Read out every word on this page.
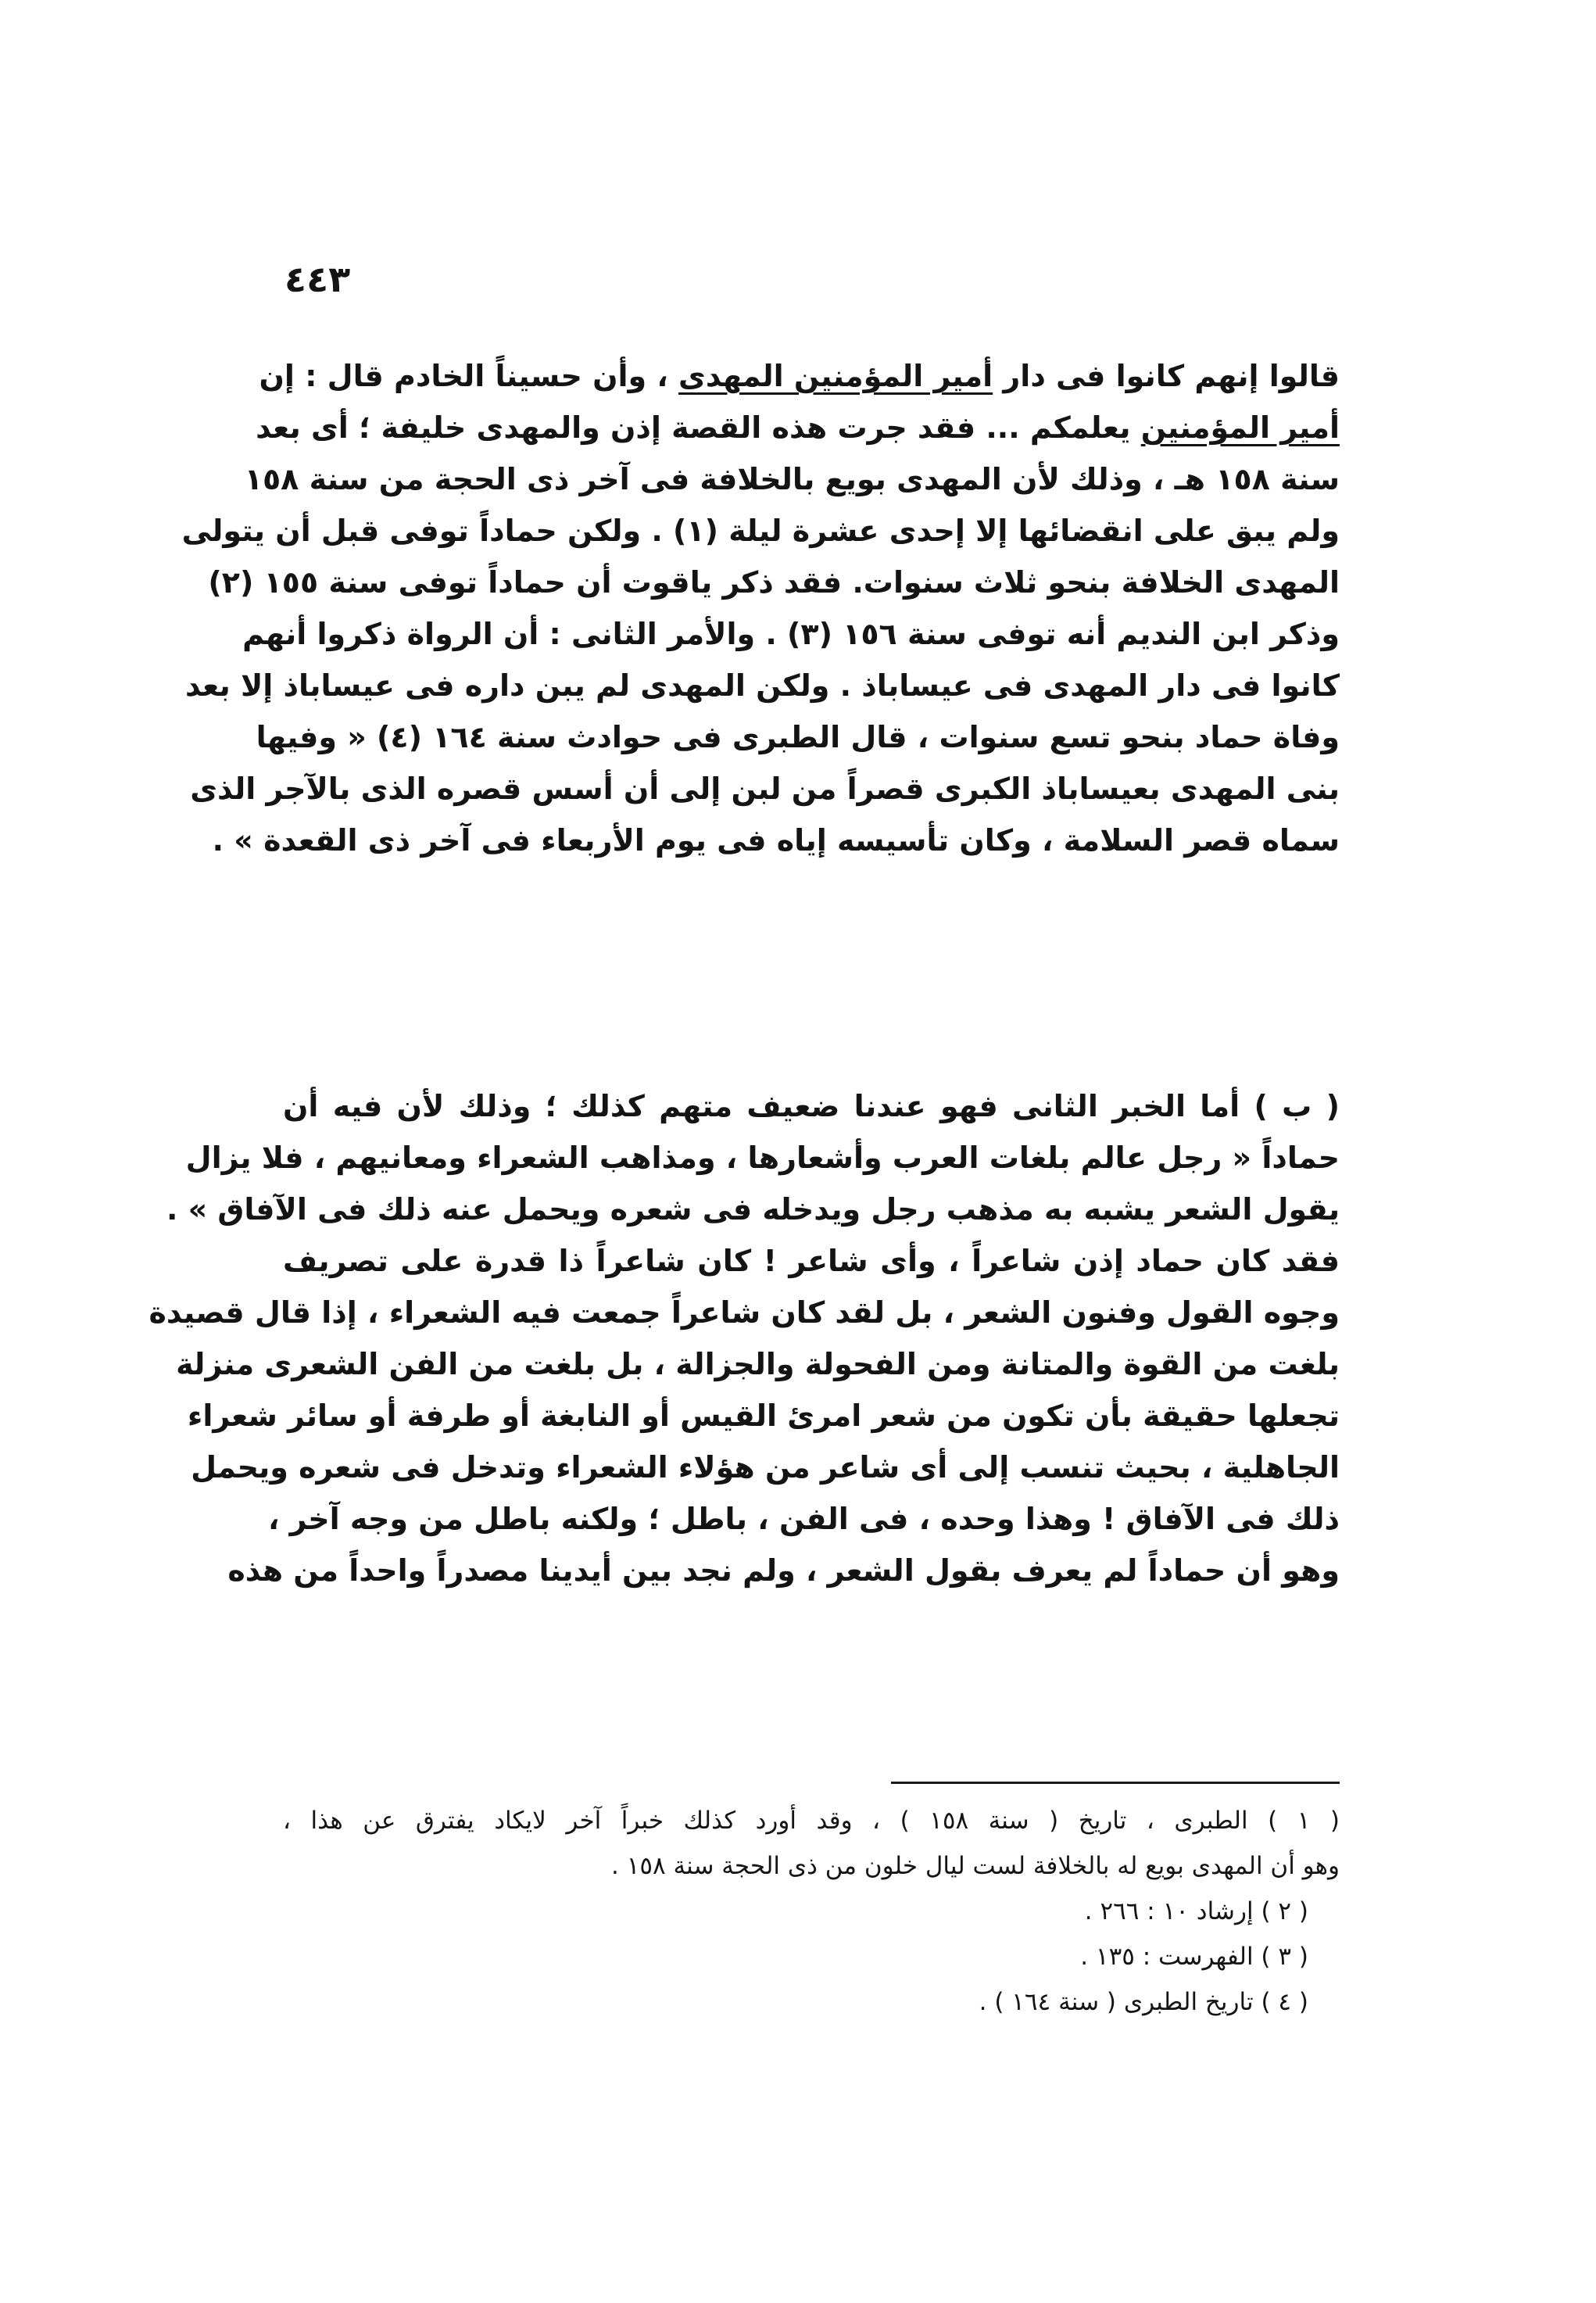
٤٤٣
قالوا إنهم كانوا فى دار أمير المؤمنين المهدى ، وأن حسيناً الخادم قال : إن
أمير المؤمنين يعلمكم ... فقد جرت هذه القصة إذن والمهدى خليفة ؛ أى بعد
سنة ١٥٨ هـ ، وذلك لأن المهدى بويع بالخلافة فى آخر ذى الحجة من سنة ١٥٨
ولم يبق على انقضائها إلا إحدى عشرة ليلة (١) . ولكن حماداً توفى قبل أن يتولى
المهدى الخلافة بنحو ثلاث سنوات. فقد ذكر ياقوت أن حماداً توفى سنة ١٥٥ (٢)
وذكر ابن النديم أنه توفى سنة ١٥٦ (٣) . والأمر الثانى : أن الرواة ذكروا أنهم
كانوا فى دار المهدى فى عيساباذ . ولكن المهدى لم يبن داره فى عيساباذ إلا بعد
وفاة حماد بنحو تسع سنوات ، قال الطبرى فى حوادث سنة ١٦٤ (٤) « وفيها
بنى المهدى بعيساباذ الكبرى قصراً من لبن إلى أن أسس قصره الذى بالآجر الذى
سماه قصر السلامة ، وكان تأسيسه إياه فى يوم الأربعاء فى آخر ذى القعدة » .
( ب ) أما الخبر الثانى فهو عندنا ضعيف متهم كذلك ؛ وذلك لأن فيه أن
حماداً « رجل عالم بلغات العرب وأشعارها ، ومذاهب الشعراء ومعانيهم ، فلا يزال
يقول الشعر يشبه به مذهب رجل ويدخله فى شعره ويحمل عنه ذلك فى الآفاق » .
فقد كان حماد إذن شاعراً ، وأى شاعر ! كان شاعراً ذا قدرة على تصريف
وجوه القول وفنون الشعر ، بل لقد كان شاعراً جمعت فيه الشعراء ، إذا قال قصيدة
بلغت من القوة والمتانة ومن الفحولة والجزالة ، بل بلغت من الفن الشعرى منزلة
تجعلها حقيقة بأن تكون من شعر امرئ القيس أو النابغة أو طرفة أو سائر شعراء
الجاهلية ، بحيث تنسب إلى أى شاعر من هؤلاء الشعراء وتدخل فى شعره ويحمل
ذلك فى الآفاق ! وهذا وحده ، فى الفن ، باطل ؛ ولكنه باطل من وجه آخر ،
وهو أن حماداً لم يعرف بقول الشعر ، ولم نجد بين أيدينا مصدراً واحداً من هذه
( ١ ) الطبرى ، تاريخ ( سنة ١٥٨ ) ، وقد أورد كذلك خبراً آخر لايكاد يفترق عن هذا ،
وهو أن المهدى بويع له بالخلافة لست ليال خلون من ذى الحجة سنة ١٥٨ .
( ٢ ) إرشاد ١٠ : ٢٦٦ .
( ٣ ) الفهرست : ١٣٥ .
( ٤ ) تاريخ الطبرى ( سنة ١٦٤ ) .
